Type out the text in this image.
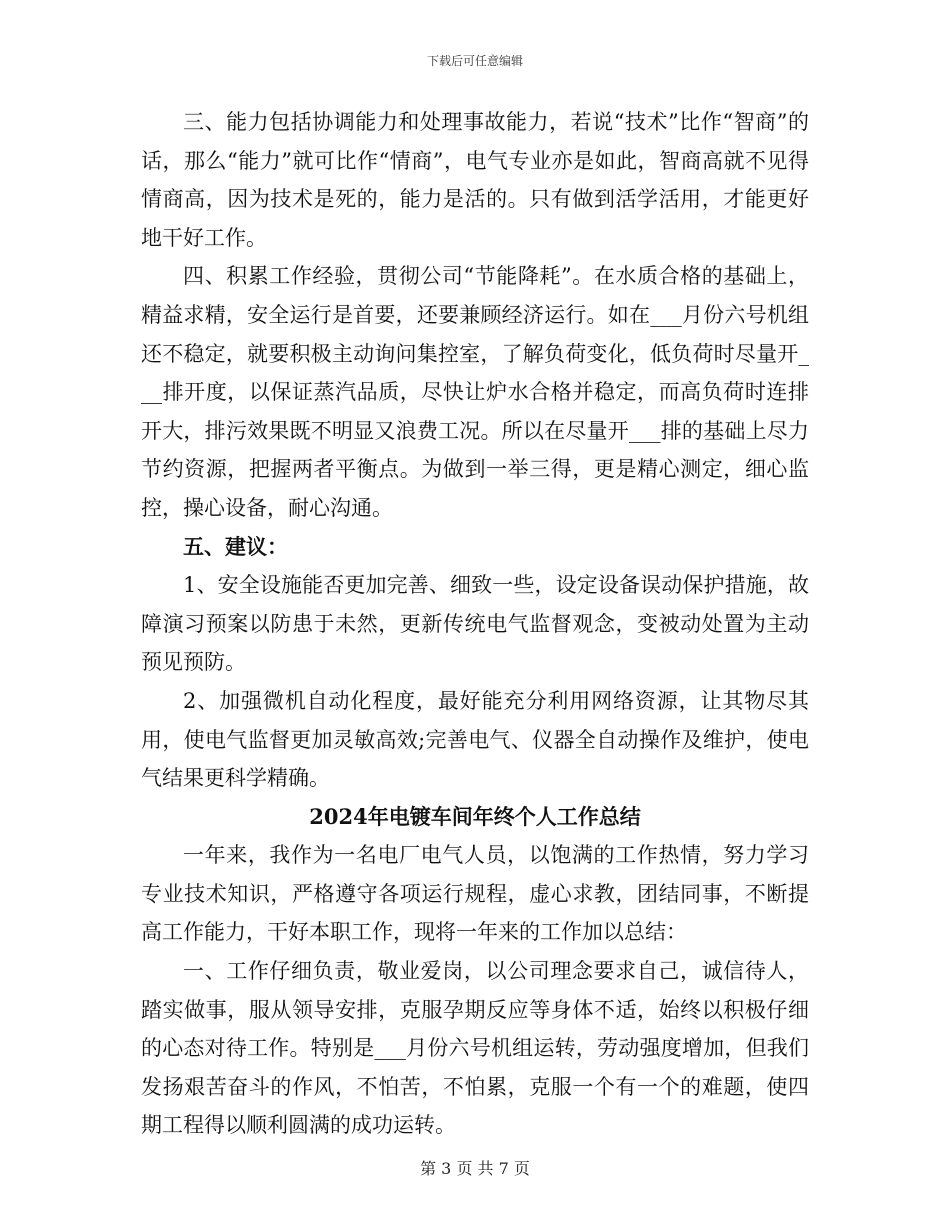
下载后可任意编辑

三、能力包括协调能力和处理事故能力，若说“技术”比作“智商”的话，那么“能力”就可比作“情商”，电气专业亦是如此，智商高就不见得情商高，因为技术是死的，能力是活的。只有做到活学活用，才能更好地干好工作。

四、积累工作经验，贯彻公司“节能降耗”。在水质合格的基础上，精益求精，安全运行是首要，还要兼顾经济运行。如在___月份六号机组还不稳定，就要积极主动询问集控室，了解负荷变化，低负荷时尽量开___排开度，以保证蒸汽品质，尽快让炉水合格并稳定，而高负荷时连排开大，排污效果既不明显又浪费工况。所以在尽量开___排的基础上尽力节约资源，把握两者平衡点。为做到一举三得，更是精心测定，细心监控，操心设备，耐心沟通。

五、建议：

1、安全设施能否更加完善、细致一些，设定设备误动保护措施，故障演习预案以防患于未然，更新传统电气监督观念，变被动处置为主动预见预防。

2、加强微机自动化程度，最好能充分利用网络资源，让其物尽其用，使电气监督更加灵敏高效;完善电气、仪器全自动操作及维护，使电气结果更科学精确。

2024年电镀车间年终个人工作总结

一年来，我作为一名电厂电气人员，以饱满的工作热情，努力学习专业技术知识，严格遵守各项运行规程，虚心求教，团结同事，不断提高工作能力，干好本职工作，现将一年来的工作加以总结：

一、工作仔细负责，敬业爱岗，以公司理念要求自己，诚信待人，踏实做事，服从领导安排，克服孕期反应等身体不适，始终以积极仔细的心态对待工作。特别是___月份六号机组运转，劳动强度增加，但我们发扬艰苦奋斗的作风，不怕苦，不怕累，克服一个有一个的难题，使四期工程得以顺利圆满的成功运转。

第 3 页 共 7 页
